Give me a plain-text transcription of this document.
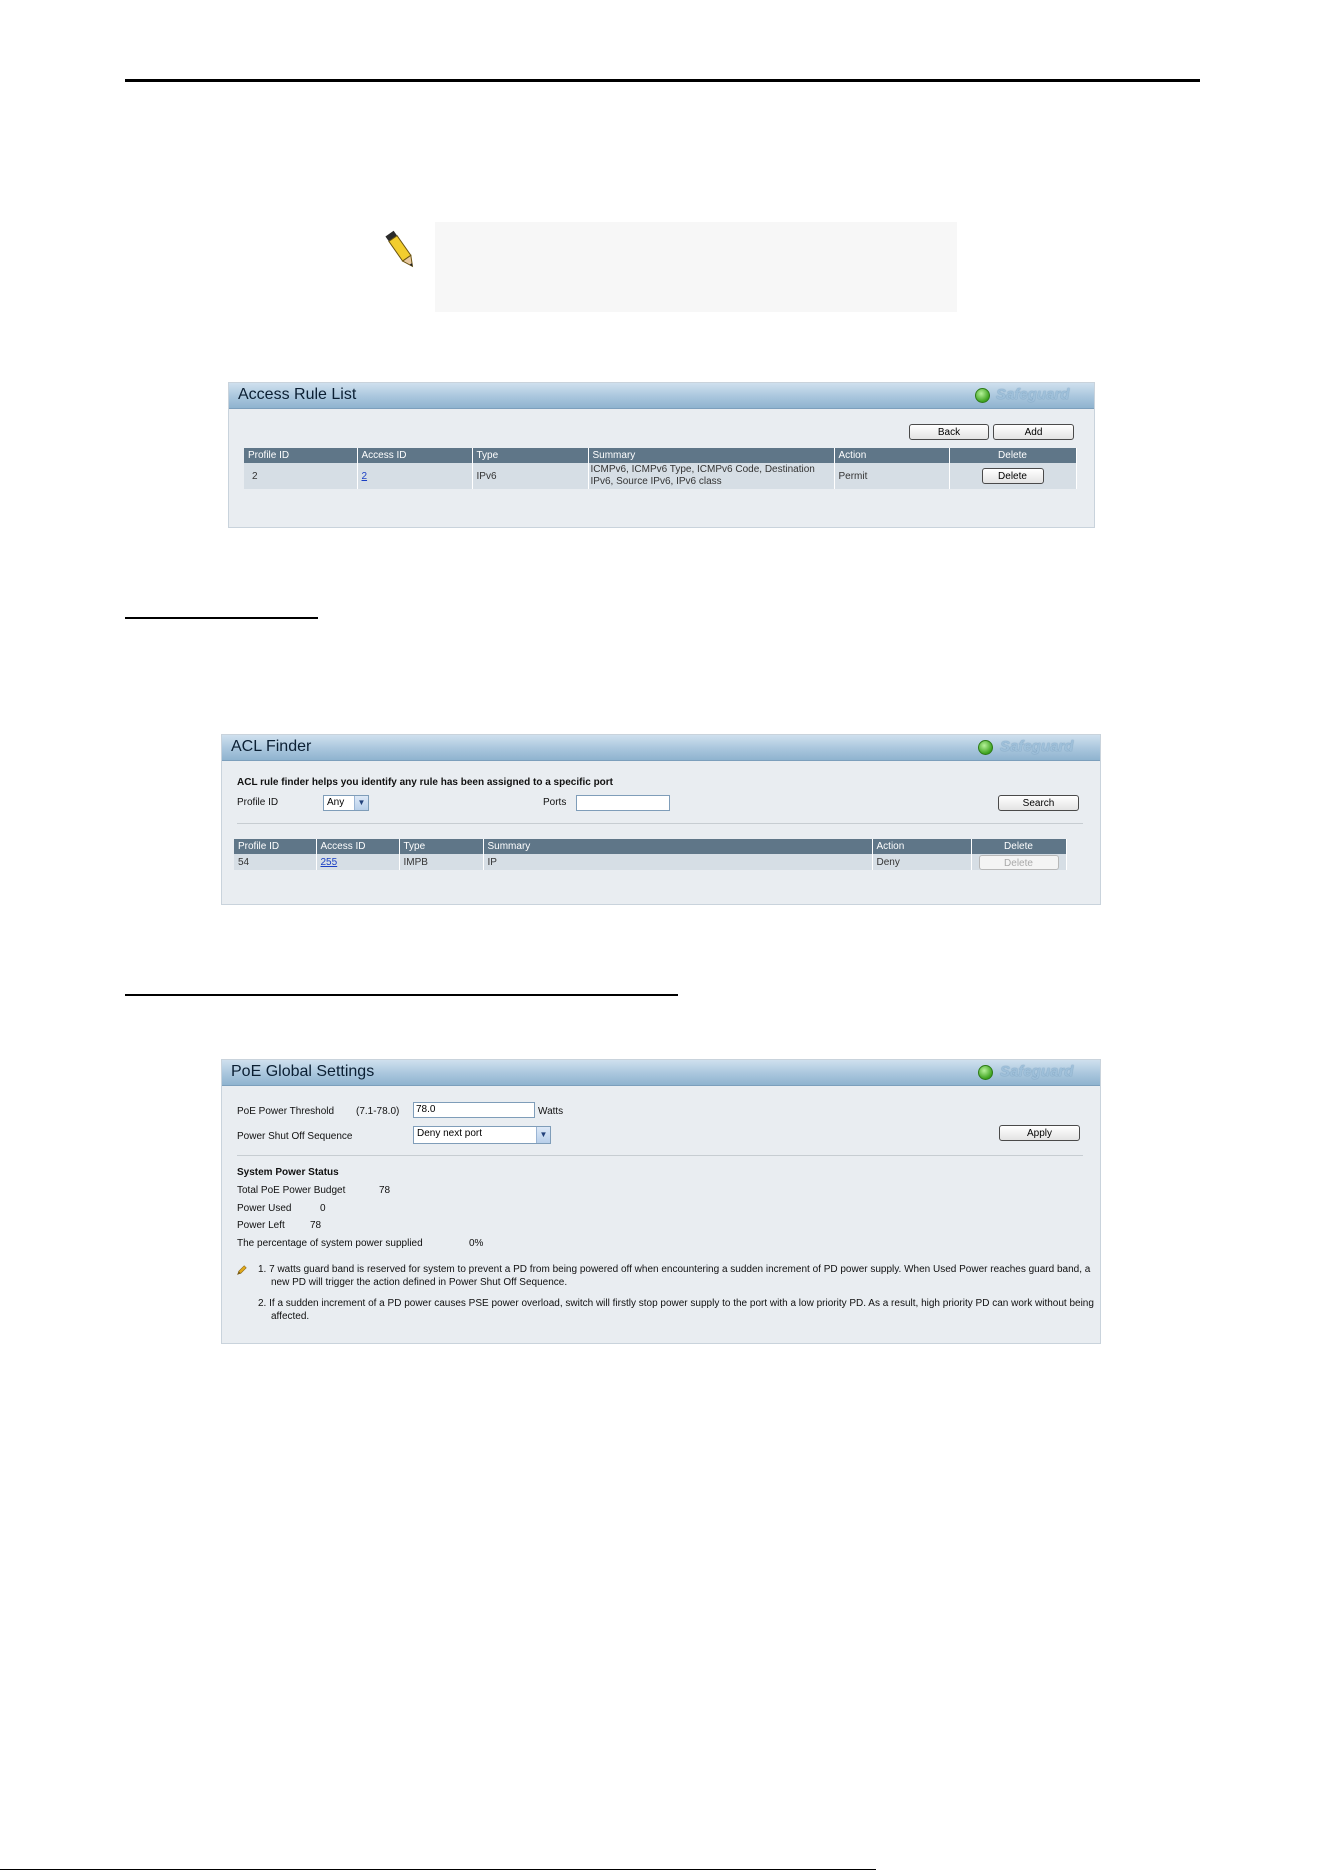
Access Rule List	Safeguard
Back	Add
Profile ID	Access ID	Type	Summary	Action	Delete
2	2	IPv6	ICMPv6, ICMPv6 Type, ICMPv6 Code, Destination IPv6, Source IPv6, IPv6 class	Permit	Delete
ACL Finder	Safeguard
ACL rule finder helps you identify any rule has been assigned to a specific port
Profile ID	Any	▼	Ports	Search
Profile ID	Access ID	Type	Summary	Action	Delete
54	255	IMPB	IP	Deny	Delete
PoE Global Settings	Safeguard
PoE Power Threshold (7.1-78.0)	78.0	Watts
Power Shut Off Sequence	Deny next port	▼	Apply
System Power Status
Total PoE Power Budget	78
Power Used	0
Power Left	78
The percentage of system power supplied	0%
1. 7 watts guard band is reserved for system to prevent a PD from being powered off when encountering a sudden increment of PD power supply. When Used Power reaches guard band, a new PD will trigger the action defined in Power Shut Off Sequence.
2. If a sudden increment of a PD power causes PSE power overload, switch will firstly stop power supply to the port with a low priority PD. As a result, high priority PD can work without being affected.
